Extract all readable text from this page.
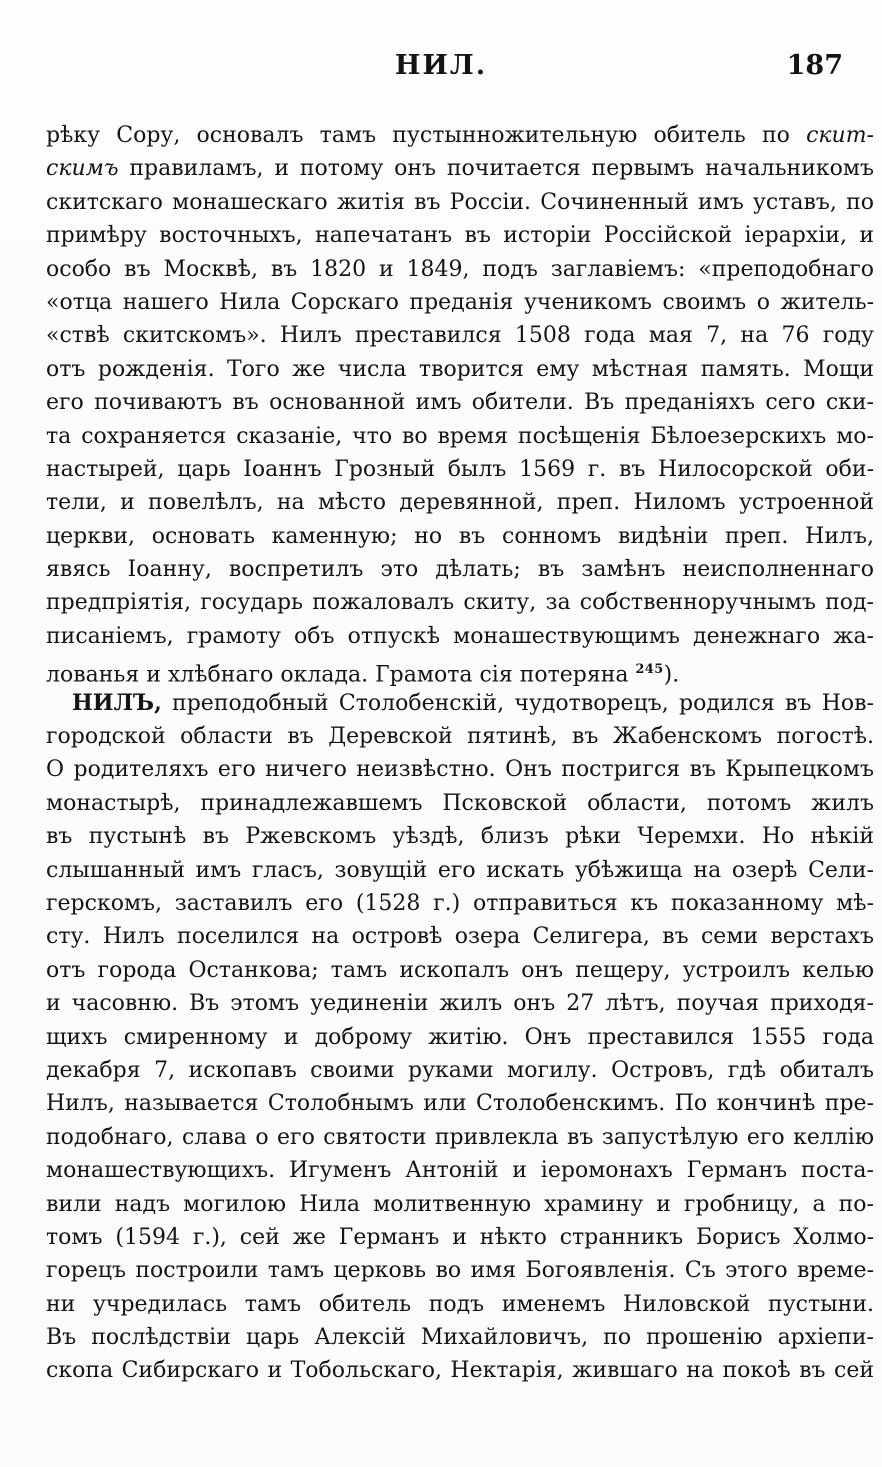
НИЛ.	187
рѣку Сору, основалъ тамъ пустынножительную обитель по скит-
скимъ правиламъ, и потому онъ почитается первымъ начальникомъ
скитскаго монашескаго житія въ Россіи. Сочиненный имъ уставъ, по
примѣру восточныхъ, напечатанъ въ исторіи Россійской іерархіи, и
особо въ Москвѣ, въ 1820 и 1849, подъ заглавіемъ: «преподобнаго
«отца нашего Нила Сорскаго преданія ученикомъ своимъ о житель-
«ствѣ скитскомъ». Нилъ преставился 1508 года мая 7, на 76 году
отъ рожденія. Того же числа творится ему мѣстная память. Мощи
его почиваютъ въ основанной имъ обители. Въ преданіяхъ сего ски-
та сохраняется сказаніе, что во время посѣщенія Бѣлоезерскихъ мо-
настырей, царь Іоаннъ Грозный былъ 1569 г. въ Нилосорской оби-
тели, и повелѣлъ, на мѣсто деревянной, преп. Ниломъ устроенной
церкви, основать каменную; но въ сонномъ видѣніи преп. Нилъ,
явясь Іоанну, воспретилъ это дѣлать; въ замѣнъ неисполненнаго
предпріятія, государь пожаловалъ скиту, за собственноручнымъ под-
писаніемъ, грамоту объ отпускѣ монашествующимъ денежнаго жа-
лованья и хлѣбнаго оклада. Грамота сія потеряна $^{245}$).
НИЛЪ, преподобный Столобенскій, чудотворецъ, родился въ Нов-
городской области въ Деревской пятинѣ, въ Жабенскомъ погостѣ.
О родителяхъ его ничего неизвѣстно. Онъ постригся въ Крыпецкомъ
монастырѣ, принадлежавшемъ Псковской области, потомъ жилъ
въ пустынѣ въ Ржевскомъ уѣздѣ, близъ рѣки Черемхи. Но нѣкій
слышанный имъ гласъ, зовущій его искать убѣжища на озерѣ Сели-
герскомъ, заставилъ его (1528 г.) отправиться къ показанному мѣ-
сту. Нилъ поселился на островѣ озера Селигера, въ семи верстахъ
отъ города Останкова; тамъ ископалъ онъ пещеру, устроилъ келью
и часовню. Въ этомъ уединеніи жилъ онъ 27 лѣтъ, поучая приходя-
щихъ смиренному и доброму житію. Онъ преставился 1555 года
декабря 7, ископавъ своими руками могилу. Островъ, гдѣ обиталъ
Нилъ, называется Столобнымъ или Столобенскимъ. По кончинѣ пре-
подобнаго, слава о его святости привлекла въ запустѣлую его келлію
монашествующихъ. Игуменъ Антоній и іеромонахъ Германъ поста-
вили надъ могилою Нила молитвенную храмину и гробницу, а по-
томъ (1594 г.), сей же Германъ и нѣкто странникъ Борисъ Холмо-
горецъ построили тамъ церковь во имя Богоявленія. Съ этого време-
ни учредилась тамъ обитель подъ именемъ Ниловской пустыни.
Въ послѣдствіи царь Алексій Михайловичъ, по прошенію архіепи-
скопа Сибирскаго и Тобольскаго, Нектарія, жившаго на покоѣ въ сей
